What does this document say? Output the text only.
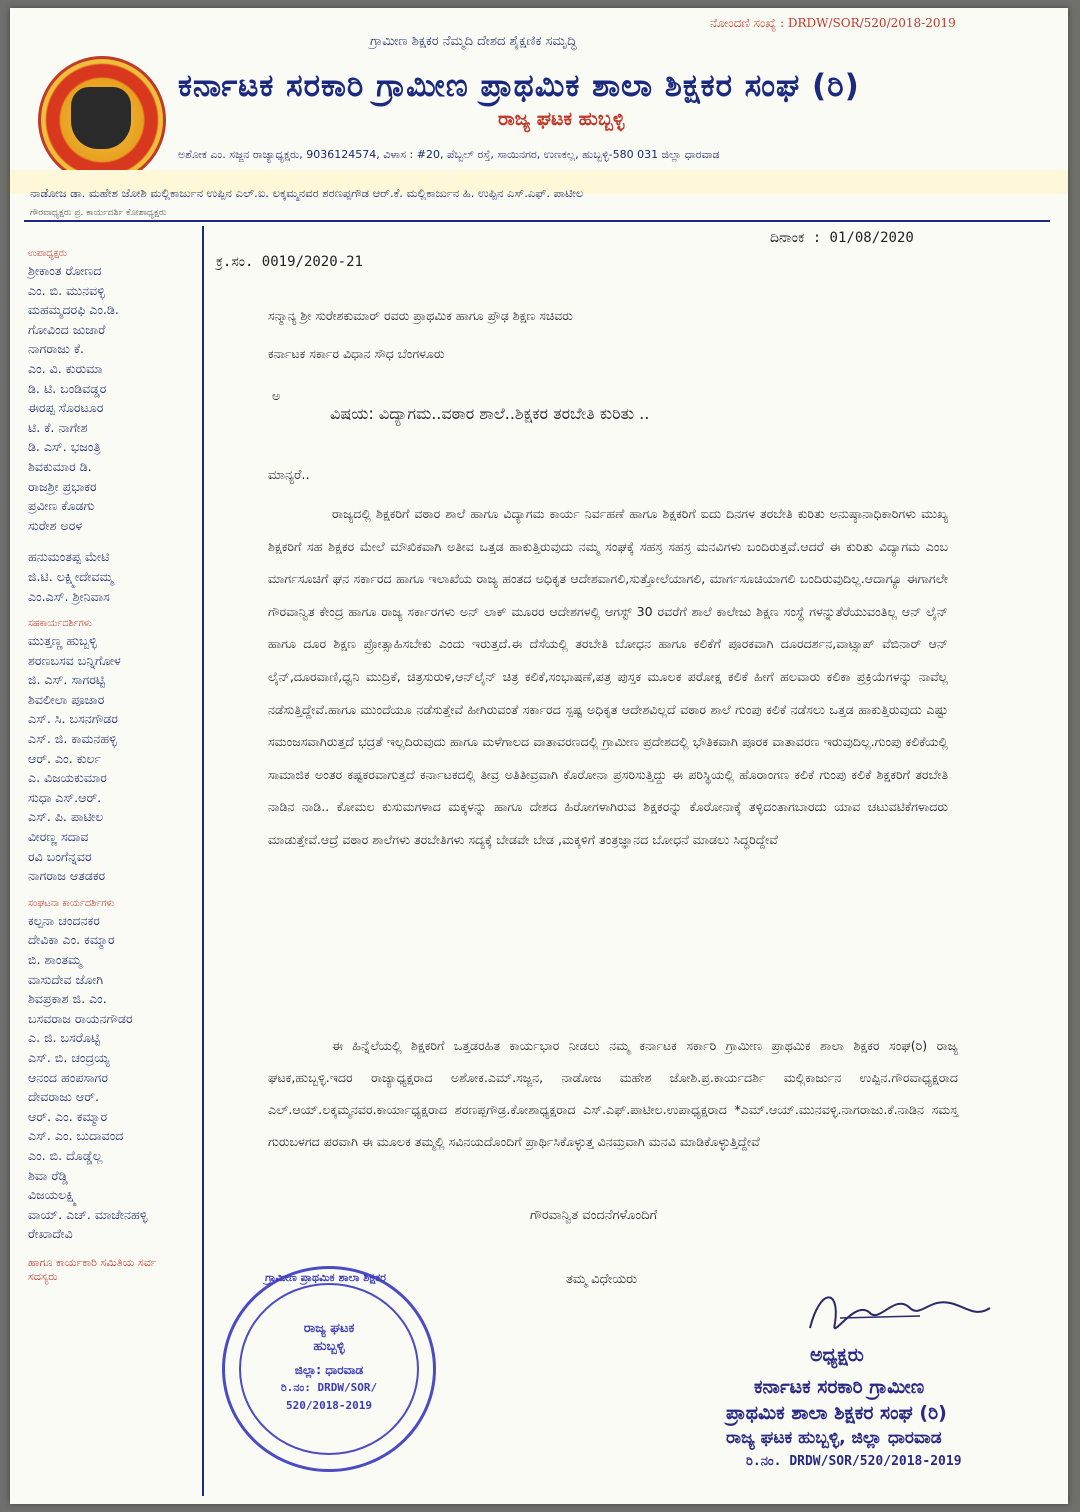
ಗ್ರಾಮೀಣ ಶಿಕ್ಷಕರ ನೆಮ್ಮದಿ ದೇಶದ ಶೈಕ್ಷಣಿಕ ಸಮೃದ್ಧಿ
ನೋಂದಣಿ ಸಂಖ್ಯೆ : DRDW/SOR/520/2018-2019
ಕರ್ನಾಟಕ ಸರಕಾರಿ ಗ್ರಾಮೀಣ ಪ್ರಾಥಮಿಕ ಶಾಲಾ ಶಿಕ್ಷಕರ ಸಂಘ (ರಿ)
ರಾಜ್ಯ ಘಟಕ ಹುಬ್ಬಳ್ಳಿ
ಅಶೋಕ ಎಂ. ಸಜ್ಜನ ರಾಜ್ಯಾಧ್ಯಕ್ಷರು, 9036124574, ವಿಳಾಸ : #20, ಪೆಬ್ಬಲ್ ರಸ್ತೆ, ಸಾಯಿನಗರ, ಉಣಕಲ್ಲ, ಹುಬ್ಬಳ್ಳಿ-580 031 ಜಿಲ್ಲಾ ಧಾರವಾಡ
ನಾಡೋಜ ಡಾ. ಮಹೇಶ ಜೋಶಿ ಮಲ್ಲಿಕಾರ್ಜುನ ಉಪ್ಪಿನ ಎಲ್.ಐ. ಲಕ್ಕಮ್ಮನವರ ಶರಣಪ್ಪಗೌಡ ಆರ್.ಕೆ. ಮಲ್ಲಿಕಾರ್ಜುನ ಹಿ. ಉಪ್ಪಿನ ಎಸ್.ಎಫ್. ಪಾಟೀಲ
ಗೌರವಾಧ್ಯಕ್ಷರು ಪ್ರ. ಕಾರ್ಯದರ್ಶಿ ಕೋಶಾಧ್ಯಕ್ಷರು
ಉಪಾಧ್ಯಕ್ಷರು
ಶ್ರೀಕಾಂತ ರೋಣದ
ಎಂ. ಬಿ. ಮುನವಳ್ಳಿ
ಮಹಮ್ಮದರಫಿ ಎಂ.ಡಿ.
ಗೋವಿಂದ ಜುಜಾರೆ
ನಾಗರಾಜು ಕೆ.
ಎಂ. ವಿ. ಕುರುಮಾ
ಡಿ. ಟಿ. ಬಂಡಿವಡ್ಡರ
ಈರಪ್ಪ ಸೊರಟೂರ
ಟಿ. ಕೆ. ನಾಗೇಶ
ಡಿ. ಎಸ್. ಭಜಂತ್ರಿ
ಶಿವಕುಮಾರ ಡಿ.
ರಾಜಶ್ರೀ ಪ್ರಭಾಕರ
ಪ್ರವೀಣ ಕೊಡಗು
ಸುರೇಶ ಅರಳ
ಹನುಮಂತಪ್ಪ ಮೇಟಿ
ಜಿ.ಟಿ. ಲಕ್ಷ್ಮೀದೇವಮ್ಮ
ಎಂ.ಎಸ್. ಶ್ರೀನಿವಾಸ
ಸಹಕಾರ್ಯದರ್ಶಿಗಳು
ಮುತ್ತಣ್ಣ ಹುಬ್ಬಳ್ಳಿ
ಶರಣಬಸವ ಬನ್ನಿಗೋಳ
ಜಿ. ಎಸ್. ಸಾಗರಟ್ಟಿ
ಶಿವಲೀಲಾ ಪೂಜಾರ
ಎಸ್. ಸಿ. ಬಸನಗೌಡರ
ಎಸ್. ಜಿ. ಕಾಮನಹಳ್ಳಿ
ಆರ್. ಎಂ. ಕುರ್ಲ
ಎ. ವಿಜಯಕುಮಾರ
ಸುಧಾ ಎಸ್.ಆರ್.
ಎಸ್. ಪಿ. ಪಾಟೀಲ
ವೀರಣ್ಣ ಸದಾವ
ರವಿ ಬಂಗೆನ್ನವರ
ನಾಗರಾಜ ಆತಡಕರ
ಸಂಘಟನಾ ಕಾರ್ಯದರ್ಶಿಗಳು
ಕಲ್ಪನಾ ಚಂದನಕರ
ದೇವಿಕಾ ಎಂ. ಕಮ್ಮಾರ
ಬಿ. ಶಾಂತಮ್ಮ
ವಾಸುದೇವ ಜೋಗಿ
ಶಿವಪ್ರಕಾಶ ಜಿ. ಎಂ.
ಬಸವರಾಜ ರಾಯನಗೌಡರ
ಎ. ಜಿ. ಬಸರೊಟ್ಟಿ
ಎಸ್. ಬಿ. ಚಂದ್ರಯ್ಯ
ಆನಂದ ಹಂಪಸಾಗರ
ದೇವರಾಜು ಆರ್.
ಆರ್. ಎಂ. ಕಮ್ಮಾರ
ಎಸ್. ಎಂ. ಬುದಾವಂದ
ಎಂ. ಬಿ. ದೊಡ್ಡೆಲ್ಲ
ಶಿವಾ ರೆಡ್ಡಿ
ವಿಜಯಲಕ್ಷ್ಮಿ
ವಾಯ್. ಎಚ್. ಮಾಚೇನಹಳ್ಳಿ
ರೇಖಾದೇವಿ
ಹಾಗೂ ಕಾರ್ಯಕಾರಿ ಸಮಿತಿಯ ಸರ್ವ ಸದಸ್ಯರು
ಕ್ರ.ಸಂ. 0019/2020-21
ದಿನಾಂಕ : 01/08/2020
ಸನ್ಮಾನ್ಯ ಶ್ರೀ ಸುರೇಶಕುಮಾರ್ ರವರು ಪ್ರಾಥಮಿಕ ಹಾಗೂ ಪ್ರೌಢ ಶಿಕ್ಷಣ ಸಚಿವರು
ಕರ್ನಾಟಕ ಸರ್ಕಾರ ವಿಧಾನ ಸೌಧ ಬೆಂಗಳೂರು
ಅ
ವಿಷಯ: ವಿದ್ಯಾಗಮ..ವಠಾರ ಶಾಲೆ..ಶಿಕ್ಷಕರ ತರಬೇತಿ ಕುರಿತು ..
ಮಾನ್ಯರೆ..
ರಾಜ್ಯದಲ್ಲಿ ಶಿಕ್ಷಕರಿಗೆ ವಠಾರ ಶಾಲೆ ಹಾಗೂ ವಿದ್ಯಾಗಮ ಕಾರ್ಯ ನಿರ್ವಹಣೆ ಹಾಗೂ ಶಿಕ್ಷಕರಿಗೆ ಐದು ದಿನಗಳ ತರಬೇತಿ ಕುರಿತು ಅನುಷ್ಠಾನಾಧಿಕಾರಿಗಳು ಮುಖ್ಯ ಶಿಕ್ಷಕರಿಗೆ ಸಹ ಶಿಕ್ಷಕರ ಮೇಲೆ ಮೌಖಿಕವಾಗಿ ಅತೀವ ಒತ್ತಡ ಹಾಕುತ್ತಿರುವುದು ನಮ್ಮ ಸಂಘಕ್ಕೆ ಸಹಸ್ರ ಸಹಸ್ರ ಮನವಿಗಳು ಬಂದಿರುತ್ತವೆ.ಆದರೆ ಈ ಕುರಿತು ವಿದ್ಯಾಗಮ ಎಂಬ ಮಾರ್ಗಸೂಚಿಗೆ ಘನ ಸರ್ಕಾರದ ಹಾಗೂ ಇಲಾಖೆಯ ರಾಜ್ಯ ಹಂತದ ಅಧಿಕೃತ ಆದೇಶವಾಗಲಿ,ಸುತ್ತೋಲೆಯಾಗಲಿ, ಮಾರ್ಗಸೂಚಿಯಾಗಲಿ ಬಂದಿರುವುದಿಲ್ಲ.ಆದಾಗ್ಯೂ ಈಗಾಗಲೇ ಗೌರವಾನ್ವಿತ ಕೇಂದ್ರ ಹಾಗೂ ರಾಜ್ಯ ಸರ್ಕಾರಗಳು ಅನ್ ಲಾಕ್ ಮೂರರ ಆದೇಶಗಳಲ್ಲಿ ಆಗಸ್ಟ್ 30 ರವರೆಗೆ ಶಾಲೆ ಕಾಲೇಜು ಶಿಕ್ಷಣ ಸಂಸ್ಥೆ ಗಳನ್ನುತೆರೆಯುವಂತಿಲ್ಲ ಆನ್ ಲೈನ್ ಹಾಗೂ ದೂರ ಶಿಕ್ಷಣ ಪ್ರೋತ್ಸಾಹಿಸಬೇಕು ಎಂದು ಇರುತ್ತದೆ.ಈ ದೆಸೆಯಲ್ಲಿ ತರಬೇತಿ ಬೋಧನ ಹಾಗೂ ಕಲಿಕೆಗೆ ಪೂರಕವಾಗಿ ದೂರದರ್ಶನ,ವಾಟ್ಸಾಪ್ ವೆಬಿನಾರ್ ಆನ್ ಲೈನ್,ದೂರವಾಣಿ,ಧ್ವನಿ ಮುದ್ರಿಕೆ, ಚಿತ್ರಸುರುಳಿ,ಆನ್‌ಲೈನ್ ಚಿತ್ರ ಕಲಿಕೆ,ಸಂಭಾಷಣೆ,ಪತ್ರ ಪುಸ್ತಕ ಮೂಲಕ ಪರೋಕ್ಷ ಕಲಿಕೆ ಹೀಗೆ ಹಲವಾರು ಕಲಿಕಾ ಪ್ರಕ್ರಿಯೆಗಳನ್ನು ನಾವೆಲ್ಲ ನಡೆಸುತ್ತಿದ್ದೇವೆ.ಹಾಗೂ ಮುಂದೆಯೂ ನಡೆಸುತ್ತೇವೆ ಹೀಗಿರುವಂತೆ ಸರ್ಕಾರದ ಸ್ಪಷ್ಟ ಅಧಿಕೃತ ಆದೇಶವಿಲ್ಲದೆ ವಠಾರ ಶಾಲೆ ಗುಂಪು ಕಲಿಕೆ ನಡೆಸಲು ಒತ್ತಡ ಹಾಕುತ್ತಿರುವುದು ಎಷ್ಟು ಸಮಂಜಸವಾಗಿರುತ್ತದೆ ಭದ್ರತೆ ಇಲ್ಲದಿರುವುದು ಹಾಗೂ ಮಳೆಗಾಲದ ವಾತಾವರಣದಲ್ಲಿ ಗ್ರಾಮೀಣ ಪ್ರದೇಶದಲ್ಲಿ ಭೌತಿಕವಾಗಿ ಪೂರಕ ವಾತಾವರಣ ಇರುವುದಿಲ್ಲ.ಗುಂಪು ಕಲಿಕೆಯಲ್ಲಿ ಸಾಮಾಜಿಕ ಅಂತರ ಕಷ್ಟಕರವಾಗುತ್ತದೆ ಕರ್ನಾಟಕದಲ್ಲಿ ತೀವ್ರ ಅತಿತೀವ್ರವಾಗಿ ಕೊರೋನಾ ಪ್ರಸರಿಸುತ್ತಿದ್ದು ಈ ಪರಿಸ್ಥಿಯಲ್ಲಿ ಹೊರಾಂಗಣ ಕಲಿಕೆ ಗುಂಪು ಕಲಿಕೆ ಶಿಕ್ಷಕರಿಗೆ ತರಬೇತಿ ನಾಡಿನ ನಾಡಿ.. ಕೋಮಲ ಕುಸುಮಗಳಾದ ಮಕ್ಕಳನ್ನು ಹಾಗೂ ದೇಶದ ಹಿರೋಗಳಾಗಿರುವ ಶಿಕ್ಷಕರನ್ನು ಕೊರೋನಾಕ್ಕೆ ತಳ್ಳಿದಂತಾಗಬಾರದು ಯಾವ ಚಟುವಟಿಕೆಗಳಾದರು ಮಾಡುತ್ತೇವೆ.ಆದ್ರೆ ವಠಾರ ಶಾಲೆಗಳು ತರಬೇತಿಗಳು ಸದ್ಯಕ್ಕೆ ಬೇಡವೇ ಬೇಡ ,ಮಕ್ಕಳಿಗೆ ತಂತ್ರಜ್ಞಾನದ ಬೋಧನೆ ಮಾಡಲು ಸಿದ್ಧರಿದ್ದೇವೆ
ಈ ಹಿನ್ನೆಲೆಯಲ್ಲಿ ಶಿಕ್ಷಕರಿಗೆ ಒತ್ತಡರಹಿತ ಕಾರ್ಯಭಾರ ನೀಡಲು ನಮ್ಮ ಕರ್ನಾಟಕ ಸರ್ಕಾರಿ ಗ್ರಾಮೀಣ ಪ್ರಾಥಮಿಕ ಶಾಲಾ ಶಿಕ್ಷಕರ ಸಂಘ(ರಿ) ರಾಜ್ಯ ಘಟಕ,ಹುಬ್ಬಳ್ಳಿ.ಇದರ ರಾಜ್ಯಾಧ್ಯಕ್ಷರಾದ ಅಶೋಕ.ಎಮ್.ಸಜ್ಜನ, ನಾಡೋಜ ಮಹೇಶ ಜೋಶಿ.ಪ್ರ.ಕಾರ್ಯದರ್ಶಿ ಮಲ್ಲಿಕಾರ್ಜುನ ಉಪ್ಪಿನ.ಗೌರವಾಧ್ಯಕ್ಷರಾದ ಎಲ್.ಆಯ್.ಲಕ್ಕಮ್ಮನವರ.ಕಾರ್ಯಾಧ್ಯಕ್ಷರಾದ ಶರಣಪ್ಪಗೌಡ್ರ.ಕೋಶಾಧ್ಯಕ್ಷರಾದ ಎಸ್.ಎಫ್.ಪಾಟೀಲ.ಉಪಾಧ್ಯಕ್ಷರಾದ *ಎಮ್.ಆಯ್.ಮುನವಳ್ಳಿ.ನಾಗರಾಜು.ಕೆ.ನಾಡಿನ ಸಮಸ್ತ ಗುರುಬಳಗದ ಪರವಾಗಿ ಈ ಮೂಲಕ ತಮ್ಮಲ್ಲಿ ಸವಿನಯದೊಂದಿಗೆ ಪ್ರಾರ್ಥಿಸಿಕೊಳ್ಳುತ್ತ ವಿನಮ್ರವಾಗಿ ಮನವಿ ಮಾಡಿಕೊಳ್ಳುತ್ತಿದ್ದೇವೆ
ಗೌರವಾನ್ವಿತ ವಂದನೆಗಳೊಂದಿಗೆ
ತಮ್ಮ ವಿಧೇಯರು
ಗ್ರಾಮೀಣ ಪ್ರಾಥಮಿಕ ಶಾಲಾ ಶಿಕ್ಷಕರ
ರಾಜ್ಯ ಘಟಕ
ಹುಬ್ಬಳ್ಳಿ
ಜಿಲ್ಲಾ: ಧಾರವಾಡ
ರಿ.ನಂ: DRDW/SOR/
520/2018-2019
ಅಧ್ಯಕ್ಷರು
ಕರ್ನಾಟಕ ಸರಕಾರಿ ಗ್ರಾಮೀಣ
ಪ್ರಾಥಮಿಕ ಶಾಲಾ ಶಿಕ್ಷಕರ ಸಂಘ (ರಿ)
ರಾಜ್ಯ ಘಟಕ ಹುಬ್ಬಳ್ಳಿ, ಜಿಲ್ಲಾ ಧಾರವಾಡ
ರಿ.ನಂ. DRDW/SOR/520/2018-2019
